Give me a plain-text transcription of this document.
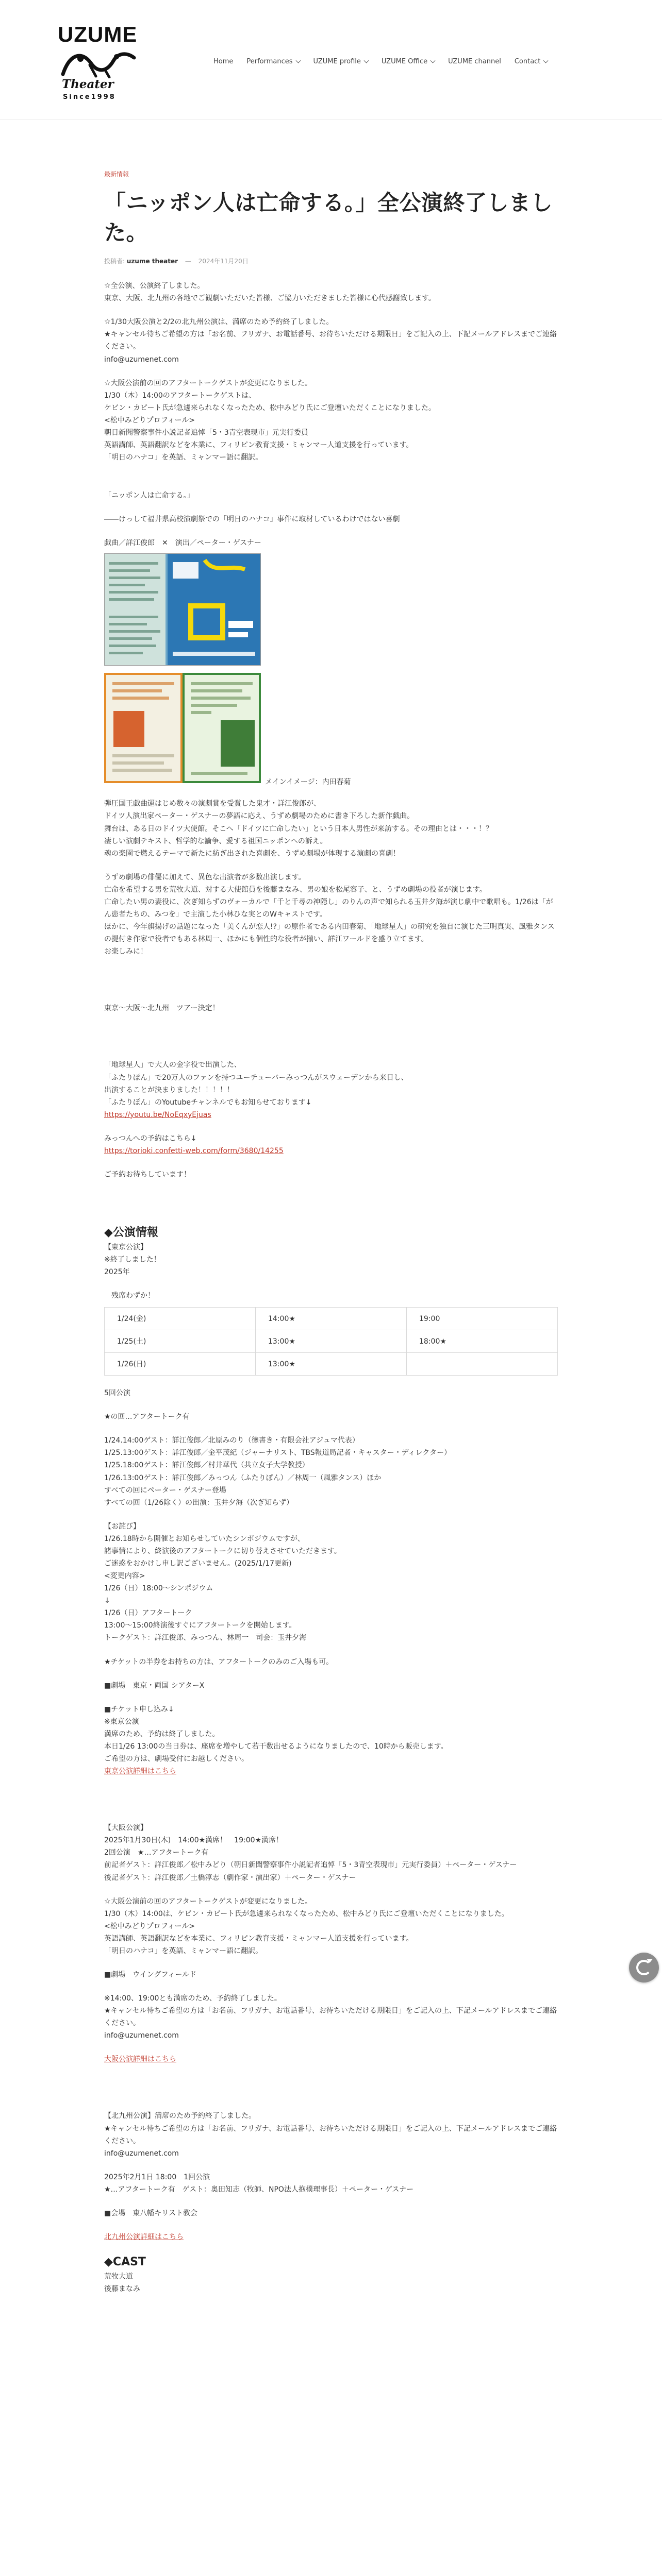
UZUME
Theater
Since1998
Home Performances	UZUME profile	UZUME Office	UZUME channel Contact
最新情報
「ニッポン人は亡命する。」全公演終了しました。
投稿者: uzume theater — 2024年11月20日
☆全公演、公演終了しました。
東京、大阪、北九州の各地でご観劇いただいた皆様、ご協力いただきました皆様に心代感謝致します。
☆1/30大阪公演と2/2の北九州公演は、満席のため予約終了しました。
★キャンセル待ちご希望の方は「お名前、フリガナ、お電話番号、お待ちいただける期限日」をご記入の上、下記メールアドレスまでご連絡ください。
info@uzumenet.com
☆大阪公演前の回のアフタートークゲストが変更になりました。
1/30（木）14:00のアフタートークゲストは、
ケビン・カピート氏が急遽来られなくなったため、松中みどり氏にご登壇いただくことになりました。
<松中みどりプロフィール>
朝日新聞警察事件小説記者追悼「5・3青空表現市」元実行委員
英語講師、英語翻訳などを本業に、フィリピン教育支援・ミャンマー人道支援を行っています。
「明日のハナコ」を英語、ミャンマー語に翻訳。
「ニッポン人は亡命する。」
――けっして福井県高校演劇祭での「明日のハナコ」事件に取材しているわけではない喜劇
戯曲／詳江俊郎　✕　演出／ペーター・ゲスナー
メインイメージ：内田春菊
弾圧国王戯曲運はじめ数々の演劇賞を受賞した鬼才・詳江俊郎が、
ドイツ人演出家ペーター・ゲスナーの夢語に応え、うずめ劇場のために書き下ろした新作戯曲。
舞台は、ある日のドイツ大使館。そこへ「ドイツに亡命したい」という日本人男性が来訪する。その理由とは・・・！？
凄しい演劇テキスト、哲学的な論争、愛する祖国ニッポンへの訴え。
魂の楽園で燃えるテーマで新たに紡ぎ出された喜劇を、うずめ劇場が体現する演劇の喜劇！
うずめ劇場の俳優に加えて、異色な出演者が多数出演します。
亡命を希望する男を荒牧大道、対する大使館員を後藤まなみ、男の娘を松尾容子、と、うずめ劇場の役者が演じます。
亡命したい男の妻役に、次ぎ知らずのヴォーカルで「千と千尋の神隠し」のりんの声で知られる玉井夕海が演じ劇中で歌唱も。1/26は「がん患者たちの、みつを」で主演した小林ひな実とのWキャストです。
ほかに、今年旗揚げの話題になった「美くんが恋人!?」の原作者である内田春菊、「地球星人」の研究を独自に演じた三明真実、風雅タンスの提付き作家で役者でもある林周一、ほかにも個性的な役者が揃い、詳江ワールドを盛り立てます。
お楽しみに！
東京～大阪～北九州　ツアー決定！
「地球星人」で大人の金字役で出演した、
「ふたりぽん」で20万人のファンを持つユーチューバーみっつんがスウェーデンから来日し、
出演することが決まりました！！！！！
「ふたりぽん」のYoutubeチャンネルでもお知らせております↓
https://youtu.be/NoEqxyEjuas
みっつんへの予約はこちら↓
https://torioki.confetti-web.com/form/3680/14255
ご予約お待ちしています！
◆公演情報
【東京公演】
※終了しました！
2025年
残席わずか！
1/24(金)	14:00★	19:00
1/25(土)	13:00★	18:00★
1/26(日)	13:00★	
5回公演
★の回…アフタートーク有
1/24.14:00ゲスト：詳江俊郎／北原みのり（徳書き・有限会社アジュマ代表）
1/25.13:00ゲスト：詳江俊郎／金平茂紀（ジャーナリスト、TBS報道局記者・キャスター・ディレクター）
1/25.18:00ゲスト：詳江俊郎／村井華代（共立女子大学教授）
1/26.13:00ゲスト：詳江俊郎／みっつん（ふたりぽん）／林周一（風雅タンス）ほか
すべての回にペーター・ゲスナー登場
すべての回（1/26除く）の出演：玉井夕海（次ぎ知らず）
【お詫び】
1/26.18時から開催とお知らせしていたシンポジウムですが、
諸事情により、終演後のアフタートークに切り替えさせていただきます。
ご迷惑をおかけし申し訳ございません。(2025/1/17更新)
<変更内容>
1/26（日）18:00～シンポジウム
↓
1/26（日）アフタートーク
13:00～15:00終演後すぐにアフタートークを開始します。
トークゲスト：詳江俊郎、みっつん、林周一　司会：玉井夕海
★チケットの半券をお持ちの方は、アフタートークのみのご入場も可。
■劇場　東京・両国 シアターX
■チケット申し込み↓
※東京公演
満席のため、予約は終了しました。
本日1/26 13:00の当日券は、座席を増やして若干数出せるようになりましたので、10時から販売します。
ご希望の方は、劇場受付にお越しください。
東京公演詳細はこちら
【大阪公演】
2025年1月30日(木)　14:00★満席！　19:00★満席！
2回公演　★…アフタートーク有
前記者ゲスト：詳江俊郎／松中みどり（朝日新聞警察事件小説記者追悼「5・3青空表現市」元実行委員）＋ペーター・ゲスナー
後記者ゲスト：詳江俊郎／土橋淳志（劇作家・演出家）＋ペーター・ゲスナー
☆大阪公演前の回のアフタートークゲストが変更になりました。
1/30（木）14:00は、ケビン・カピート氏が急遽来られなくなったため、松中みどり氏にご登壇いただくことになりました。
<松中みどりプロフィール>
英語講師、英語翻訳などを本業に、フィリピン教育支援・ミャンマー人道支援を行っています。
「明日のハナコ」を英語、ミャンマー語に翻訳。
■劇場　ウイングフィールド
※14:00、19:00とも満席のため、予約終了しました。
★キャンセル待ちご希望の方は「お名前、フリガナ、お電話番号、お待ちいただける期限日」をご記入の上、下記メールアドレスまでご連絡ください。
info@uzumenet.com
大阪公演詳細はこちら
【北九州公演】満席のため予約終了しました。
★キャンセル待ちご希望の方は「お名前、フリガナ、お電話番号、お待ちいただける期限日」をご記入の上、下記メールアドレスまでご連絡ください。
info@uzumenet.com
2025年2月1日 18:00　1回公演
★…アフタートーク有　ゲスト：奥田知志（牧師、NPO法人抱樸理事長）＋ペーター・ゲスナー
■会場　東八幡キリスト教会
北九州公演詳細はこちら
◆CAST
荒牧大道
後藤まなみ
